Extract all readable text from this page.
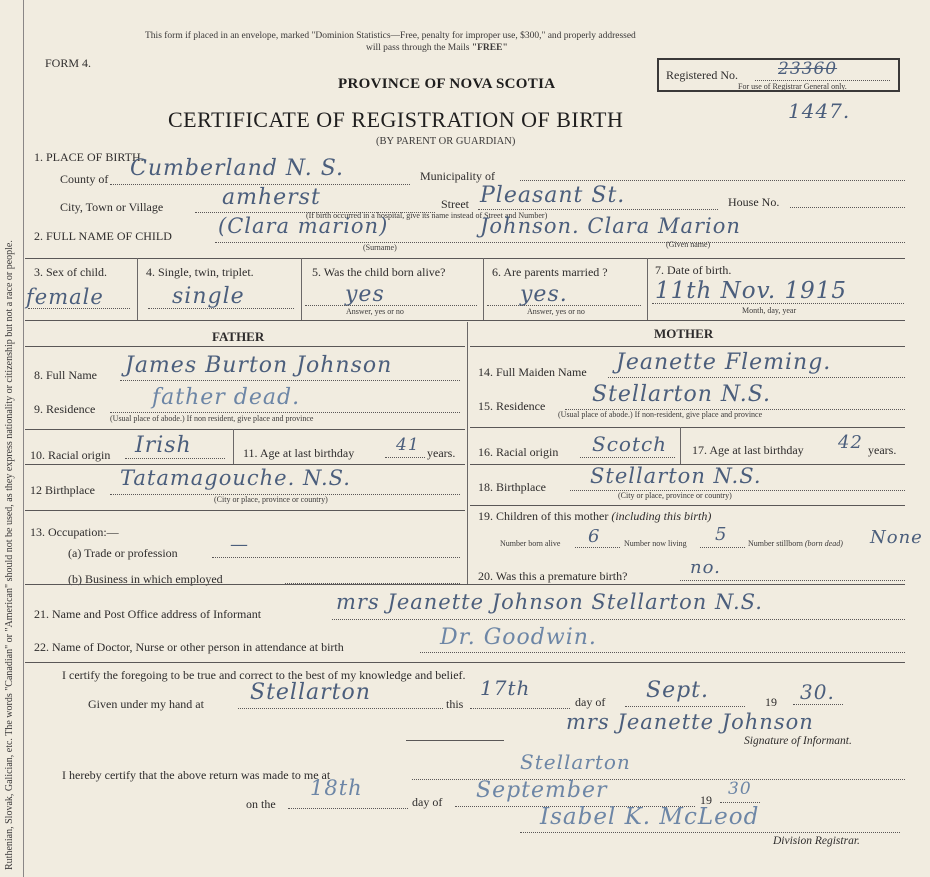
Ruthenian, Slovak, Galician, etc. The words "Canadian" or "American" should not be used, as they express nationality or citizenship but not a race or people.
This form if placed in an envelope, marked "Dominion Statistics—Free, penalty for improper use, $300," and properly addressed
will pass through the Mails "FREE"
FORM 4.
PROVINCE OF NOVA SCOTIA
Registered No. 23360
For use of Registrar General only.
CERTIFICATE OF REGISTRATION OF BIRTH	1447.
(BY PARENT OR GUARDIAN)
1. PLACE OF BIRTH.
County of Cumberland N. S.	Municipality of
City, Town or Village	amherst	Street Pleasant St.	House No.
(If birth occurred in a hospital, give its name instead of Street and Number)
2. FULL NAME OF CHILD (Clara marion)	Johnson. Clara Marion
(Surname)	(Given name)
3. Sex of child.
female
4. Single, twin, triplet.
single
5. Was the child born alive?
yes
Answer, yes or no
6. Are parents married ?
yes.
Answer, yes or no
7. Date of birth.
11th Nov. 1915
Month, day, year
FATHER	MOTHER
8. Full Name James Burton Johnson
9. Residence	father dead.
(Usual place of abode.) If non resident, give place and province
10. Racial origin Irish	11. Age at last birthday 41 years.
12 Birthplace Tatamagouche. N.S.
(City or place, province or country)
13. Occupation:—
(a) Trade or profession	—
(b) Business in which employed
14. Full Maiden Name Jeanette Fleming.
15. Residence Stellarton N.S.
(Usual place of abode.) If non-resident, give place and province
16. Racial origin Scotch 17. Age at last birthday 42 years.
18. Birthplace Stellarton N.S.
(City or place, province or country)
19. Children of this mother (including this birth)
Number born alive 6	Number now living 5	Number stillborn (born dead) None
20. Was this a premature birth?	no.
21. Name and Post Office address of Informant	mrs Jeanette Johnson Stellarton N.S.
22. Name of Doctor, Nurse or other person in attendance at birth	Dr. Goodwin.
I certify the foregoing to be true and correct to the best of my knowledge and belief.
Given under my hand at Stellarton	this
17th
day of Sept.	19 30.
mrs Jeanette Johnson
Signature of Informant.
I hereby certify that the above return was made to me at
Stellarton
on the
18th
day of September	19
30
Isabel K. McLeod
Division Registrar.
